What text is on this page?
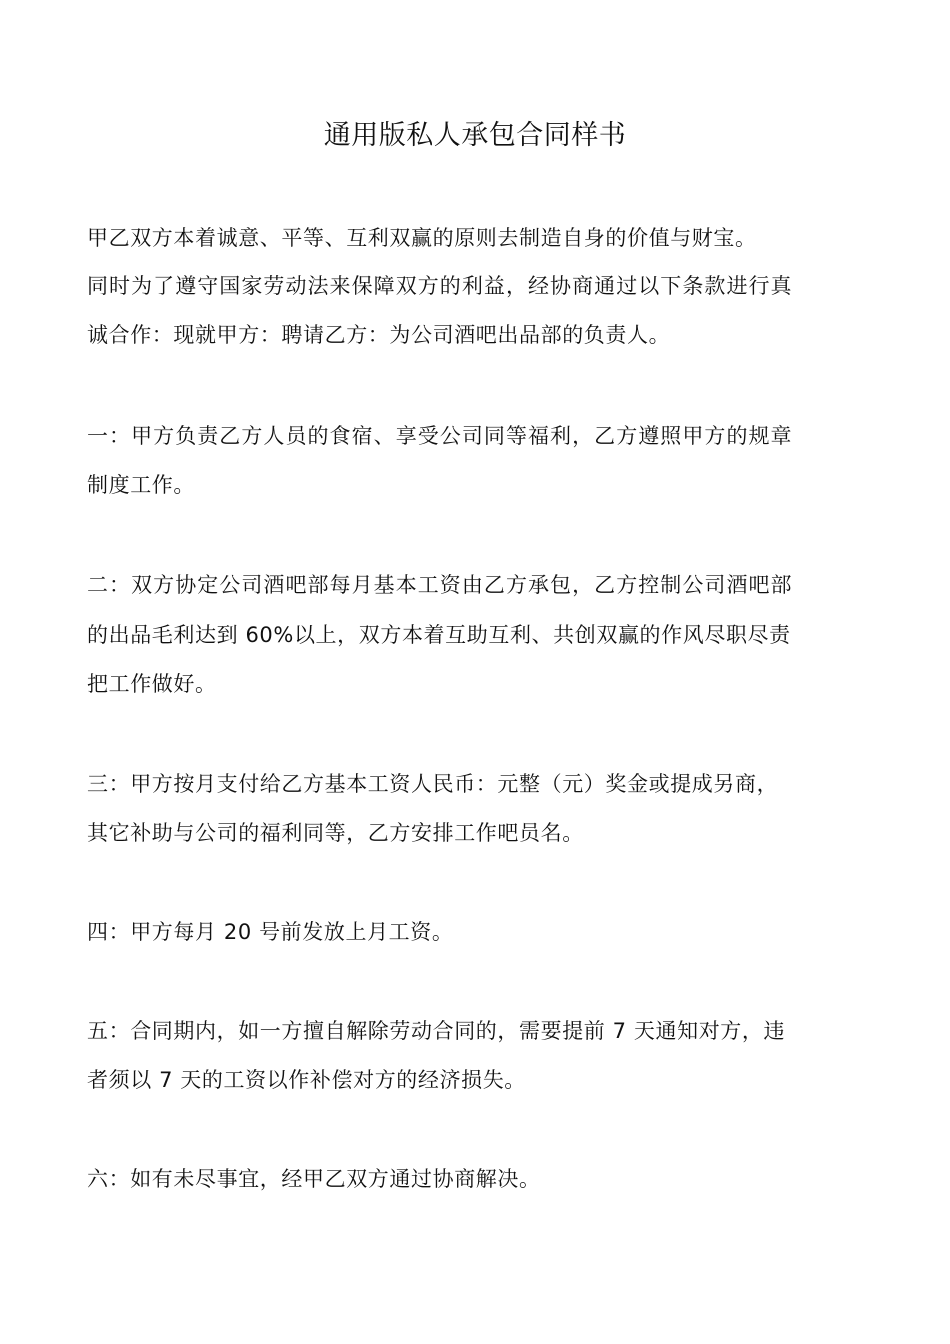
通用版私人承包合同样书
甲乙双方本着诚意、平等、互利双赢的原则去制造自身的价值与财宝。
同时为了遵守国家劳动法来保障双方的利益，经协商通过以下条款进行真
诚合作：现就甲方：聘请乙方：为公司酒吧出品部的负责人。
一：甲方负责乙方人员的食宿、享受公司同等福利，乙方遵照甲方的规章
制度工作。
二：双方协定公司酒吧部每月基本工资由乙方承包，乙方控制公司酒吧部
的出品毛利达到 60%以上，双方本着互助互利、共创双赢的作风尽职尽责
把工作做好。
三：甲方按月支付给乙方基本工资人民币：元整（元）奖金或提成另商，
其它补助与公司的福利同等，乙方安排工作吧员名。
四：甲方每月 20 号前发放上月工资。
五：合同期内，如一方擅自解除劳动合同的，需要提前 7 天通知对方，违
者须以 7 天的工资以作补偿对方的经济损失。
六：如有未尽事宜，经甲乙双方通过协商解决。
